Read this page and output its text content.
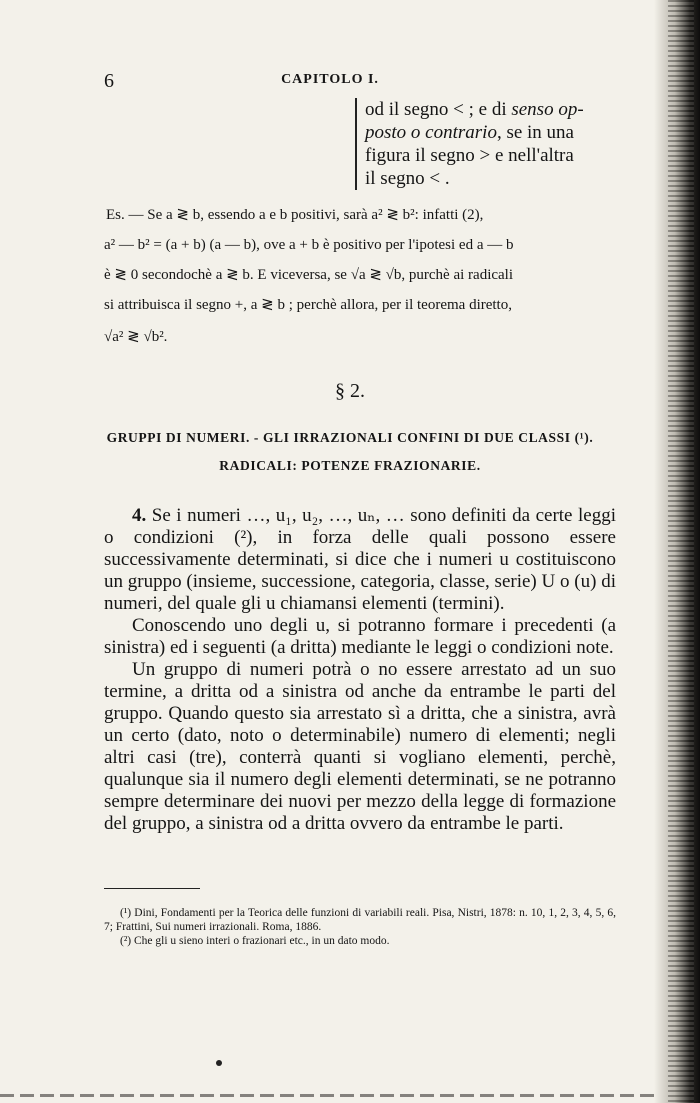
6	CAPITOLO I.
od il segno < ; e di senso op-
posto o contrario, se in una
figura il segno > e nell'altra
il segno < .
Es. — Se a ≷ b, essendo a e b positivi, sarà a² ≷ b²: infatti (2),
a² — b² = (a + b) (a — b), ove a + b è positivo per l'ipotesi ed a — b
è ≷ 0 secondochè a ≷ b. E viceversa, se √a ≷ √b, purchè ai radicali
si attribuisca il segno +, a ≷ b ; perchè allora, per il teorema diretto,
√a² ≷ √b².
§ 2.
GRUPPI DI NUMERI. - GLI IRRAZIONALI CONFINI DI DUE CLASSI (¹).
RADICALI: POTENZE FRAZIONARIE.

4. Se i numeri …, u₁, u₂, …, uₙ, … sono definiti da certe leggi o condizioni (²), in forza delle quali possono essere successivamente determinati, si dice che i numeri u costituiscono un gruppo (insieme, successione, categoria, classe, serie) U o (u) di numeri, del quale gli u chiamansi elementi (termini).

Conoscendo uno degli u, si potranno formare i precedenti (a sinistra) ed i seguenti (a dritta) mediante le leggi o condizioni note.

Un gruppo di numeri potrà o no essere arrestato ad un suo termine, a dritta od a sinistra od anche da entrambe le parti del gruppo. Quando questo sia arrestato sì a dritta, che a sinistra, avrà un certo (dato, noto o determinabile) numero di elementi; negli altri casi (tre), conterrà quanti si vogliano elementi, perchè, qualunque sia il numero degli elementi determinati, se ne potranno sempre determinare dei nuovi per mezzo della legge di formazione del gruppo, a sinistra od a dritta ovvero da entrambe le parti.

(¹) Dini, Fondamenti per la Teorica delle funzioni di variabili reali. Pisa, Nistri, 1878: n. 10, 1, 2, 3, 4, 5, 6, 7; Frattini, Sui numeri irrazionali. Roma, 1886.

(²) Che gli u sieno interi o frazionari etc., in un dato modo.
